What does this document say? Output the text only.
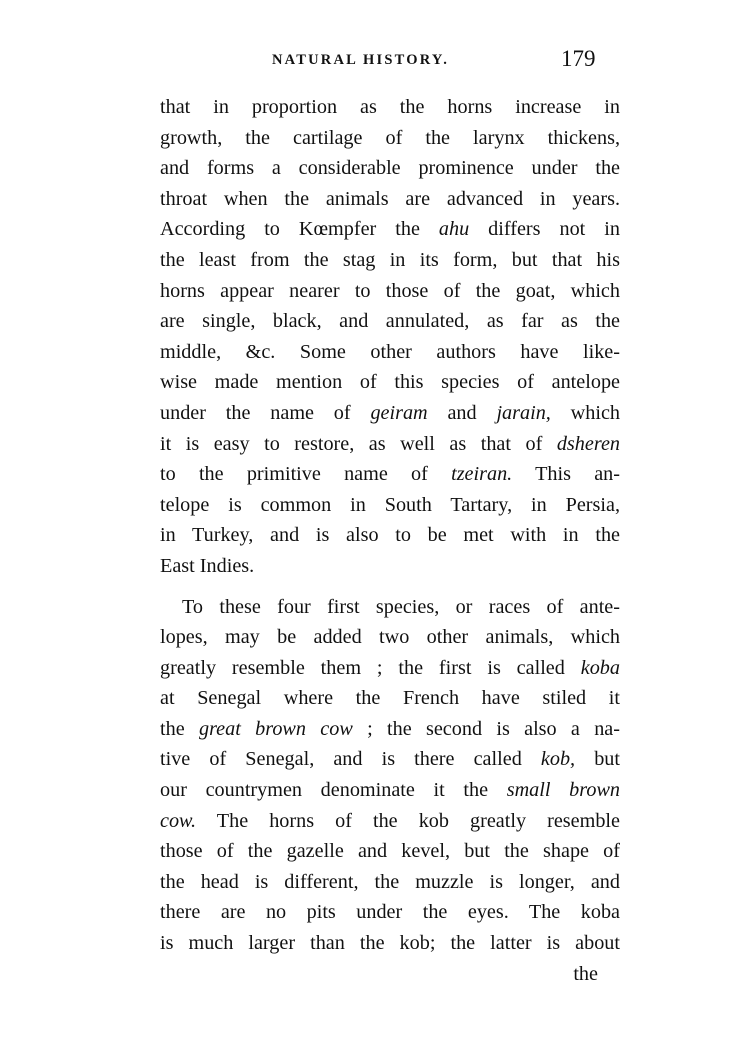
NATURAL HISTORY.	179
that in proportion as the horns increase in
growth, the cartilage of the larynx thickens,
and forms a considerable prominence under the
throat when the animals are advanced in years.
According to Kœmpfer the ahu differs not in
the least from the stag in its form, but that his
horns appear nearer to those of the goat, which
are single, black, and annulated, as far as the
middle, &c. Some other authors have like-
wise made mention of this species of antelope
under the name of geiram and jarain, which
it is easy to restore, as well as that of dsheren
to the primitive name of tzeiran. This an-
telope is common in South Tartary, in Persia,
in Turkey, and is also to be met with in the
East Indies.
To these four first species, or races of ante-
lopes, may be added two other animals, which
greatly resemble them ; the first is called koba
at Senegal where the French have stiled it
the great brown cow ; the second is also a na-
tive of Senegal, and is there called kob, but
our countrymen denominate it the small brown
cow. The horns of the kob greatly resemble
those of the gazelle and kevel, but the shape of
the head is different, the muzzle is longer, and
there are no pits under the eyes. The koba
is much larger than the kob; the latter is about
the
